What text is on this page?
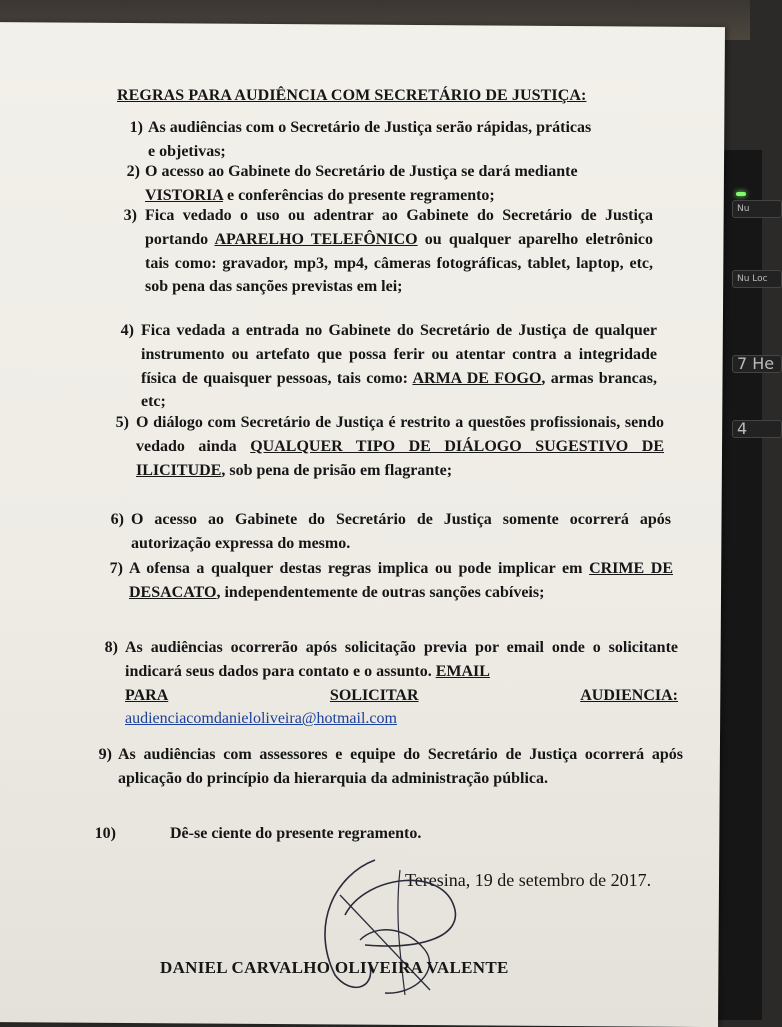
Nu
Nu Loc
7 He
4
REGRAS PARA AUDIÊNCIA COM SECRETÁRIO DE JUSTIÇA:
1) As audiências com o Secretário de Justiça serão rápidas, práticas
e objetivas;
2) O acesso ao Gabinete do Secretário de Justiça se dará mediante
VISTORIA e conferências do presente regramento;
3) Fica vedado o uso ou adentrar ao Gabinete do Secretário de Justiça portando APARELHO TELEFÔNICO ou qualquer aparelho eletrônico tais como: gravador, mp3, mp4, câmeras fotográficas, tablet, laptop, etc, sob pena das sanções previstas em lei;
4) Fica vedada a entrada no Gabinete do Secretário de Justiça de qualquer instrumento ou artefato que possa ferir ou atentar contra a integridade física de quaisquer pessoas, tais como: ARMA DE FOGO, armas brancas, etc;
5) O diálogo com Secretário de Justiça é restrito a questões profissionais, sendo vedado ainda QUALQUER TIPO DE DIÁLOGO SUGESTIVO DE ILICITUDE, sob pena de prisão em flagrante;
6) O acesso ao Gabinete do Secretário de Justiça somente ocorrerá após autorização expressa do mesmo.
7) A ofensa a qualquer destas regras implica ou pode implicar em CRIME DE DESACATO, independentemente de outras sanções cabíveis;
8) As audiências ocorrerão após solicitação previa por email onde o solicitante indicará seus dados para contato e o assunto. EMAIL
PARA	SOLICITAR	AUDIENCIA:
audienciacomdanieloliveira@hotmail.com
9) As audiências com assessores e equipe do Secretário de Justiça ocorrerá após aplicação do princípio da hierarquia da administração pública.
10)	Dê-se ciente do presente regramento.
Teresina, 19 de setembro de 2017.
DANIEL CARVALHO OLIVEIRA VALENTE
